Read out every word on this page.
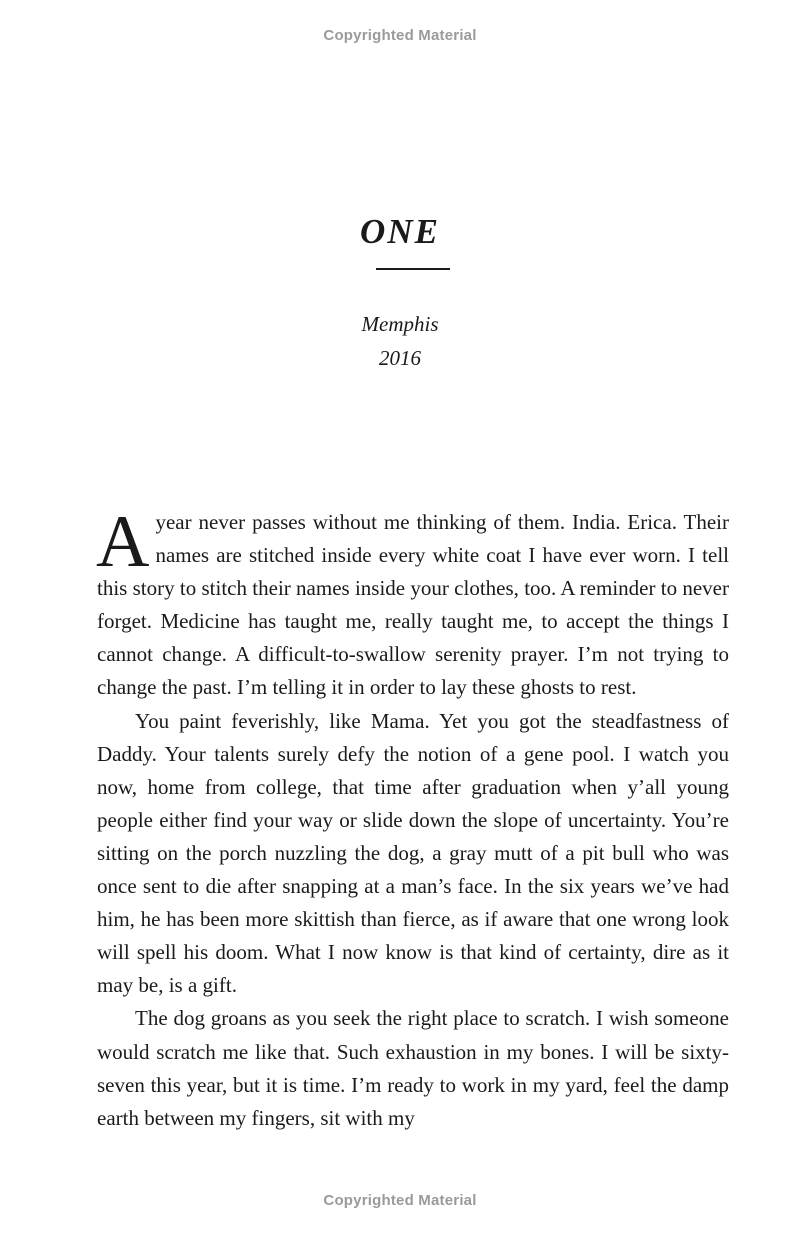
Copyrighted Material
ONE
Memphis
2016

Ayear never passes without me thinking of them. India. Erica. Their names are stitched inside every white coat I have ever worn. I tell this story to stitch their names inside your clothes, too. A reminder to never forget. Medicine has taught me, really taught me, to accept the things I cannot change. A difficult-to-swallow serenity prayer. I’m not trying to change the past. I’m telling it in order to lay these ghosts to rest.

You paint feverishly, like Mama. Yet you got the steadfastness of Daddy. Your talents surely defy the notion of a gene pool. I watch you now, home from college, that time after graduation when y’all young people either find your way or slide down the slope of uncertainty. You’re sitting on the porch nuzzling the dog, a gray mutt of a pit bull who was once sent to die after snapping at a man’s face. In the six years we’ve had him, he has been more skittish than fierce, as if aware that one wrong look will spell his doom. What I now know is that kind of certainty, dire as it may be, is a gift.

The dog groans as you seek the right place to scratch. I wish someone would scratch me like that. Such exhaustion in my bones. I will be sixty-seven this year, but it is time. I’m ready to work in my yard, feel the damp earth between my fingers, sit with my

Copyrighted Material
